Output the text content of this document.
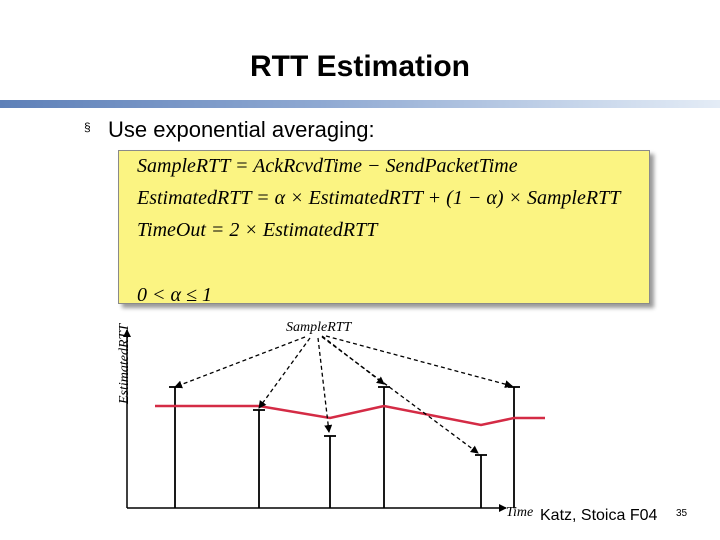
RTT Estimation
§ Use exponential averaging:
SampleRTT = AckRcvdTime − SendPacketTime
EstimatedRTT = α × EstimatedRTT + (1 − α) × SampleRTT
TimeOut = 2 × EstimatedRTT
0 < α ≤ 1
EstimatedRTT	SampleRTT
Time Katz, Stoica F04 35
